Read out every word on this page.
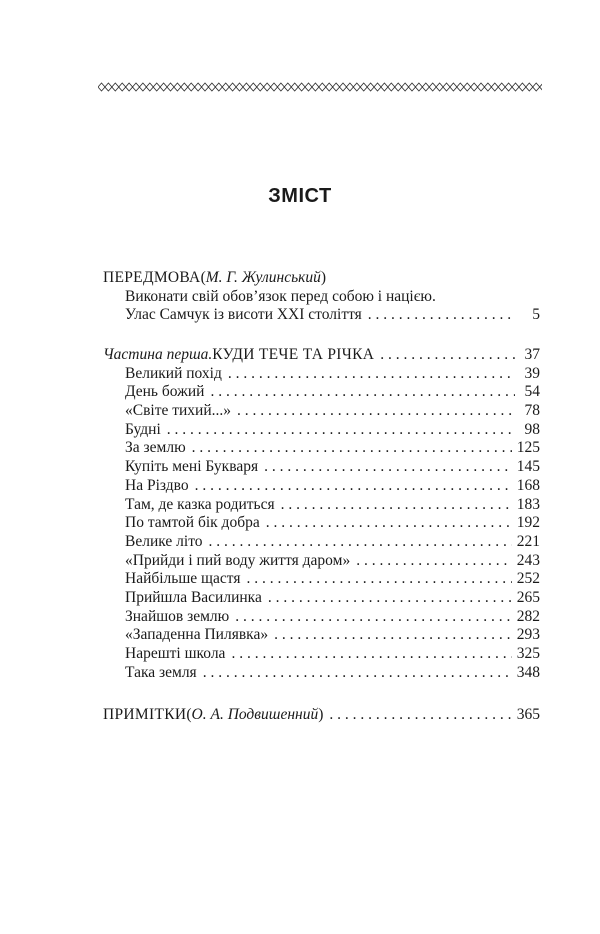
ЗМІСТ
ПЕРЕДМОВА ( М. Г. Жулинський )
Виконати свій обов’язок перед собою і нацією.
Улас Самчук із висоти XXI століття . . .	5
Частина перша. КУДИ ТЕЧЕ ТА РІЧКА . . .	37
Великий похід . . .	39
День божий . . .	54
«Світе тихий...» . . .	78
Будні . . .	98
За землю . . .	125
Купіть мені Букваря . . .	145
На Різдво . . .	168
Там, де казка родиться . . .	183
По тамтой бік добра . . .	192
Велике літо . . .	221
«Прийди і пий воду життя даром» . . .	243
Найбільше щастя . . .	252
Прийшла Василинка . . .	265
Знайшов землю . . .	282
«Западенна Пилявка» . . .	293
Нарешті школа . . .	325
Така земля . . .	348
ПРИМІТКИ ( О. А. Подвишенний ) . . .	365
